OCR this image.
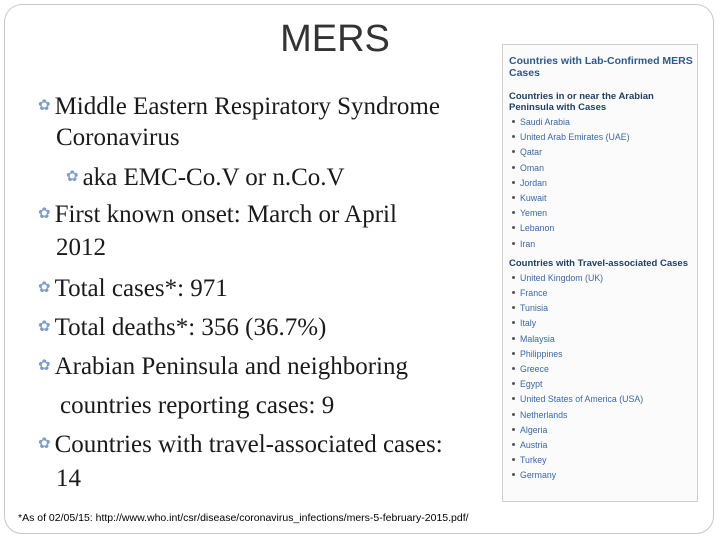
MERS
✿ Middle Eastern Respiratory Syndrome
Coronavirus
✿ aka EMC-Co.V or n.Co.V
✿ First known onset: March or April
2012
✿ Total cases*: 971
✿ Total deaths*: 356 (36.7%)
✿ Arabian Peninsula and neighboring
countries reporting cases: 9
✿ Countries with travel-associated cases:
14
Countries with Lab-Confirmed MERS Cases
Countries in or near the Arabian Peninsula with Cases
Saudi Arabia
United Arab Emirates (UAE)
Qatar
Oman
Jordan
Kuwait
Yemen
Lebanon
Iran
Countries with Travel-associated Cases
United Kingdom (UK)
France
Tunisia
Italy
Malaysia
Philippines
Greece
Egypt
United States of America (USA)
Netherlands
Algeria
Austria
Turkey
Germany
*As of 02/05/15: http://www.who.int/csr/disease/coronavirus_infections/mers-5-february-2015.pdf/
